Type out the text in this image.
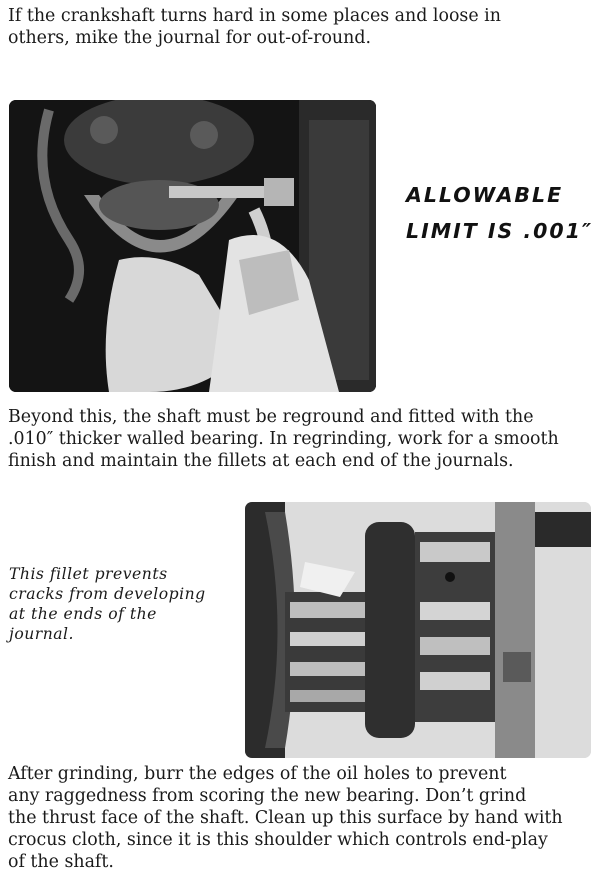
If the crankshaft turns hard in some places and loose in
others, mike the journal for out-of-round.

ALLOWABLE
LIMIT IS .001″

Beyond this, the shaft must be reground and fitted with the
.010″ thicker walled bearing. In regrinding, work for a smooth
finish and maintain the fillets at each end of the journals.

This fillet prevents
cracks from developing
at the ends of the
journal.

After grinding, burr the edges of the oil holes to prevent
any raggedness from scoring the new bearing. Don’t grind
the thrust face of the shaft. Clean up this surface by hand with
crocus cloth, since it is this shoulder which controls end-play
of the shaft.
